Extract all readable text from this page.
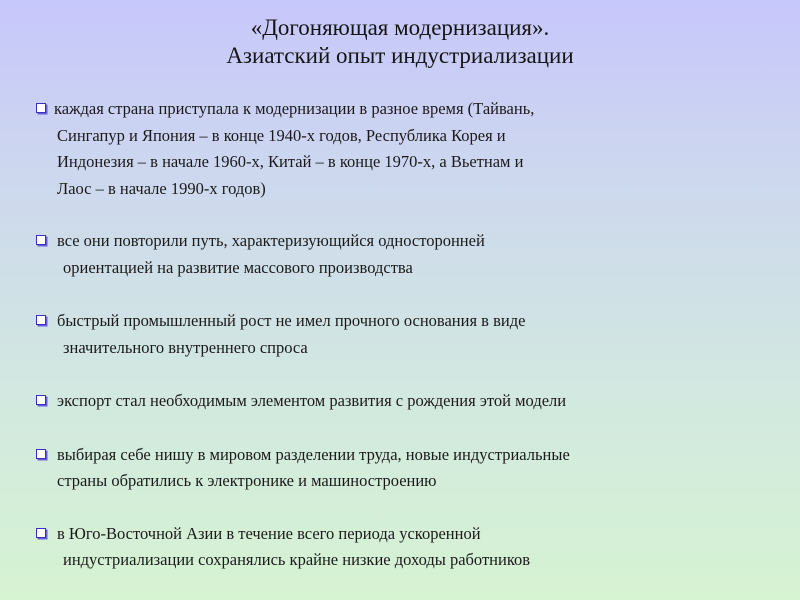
«Догоняющая модернизация».
Азиатский опыт индустриализации
каждая страна приступала к модернизации в разное время (Тайвань,
Сингапур и Япония – в конце 1940-х годов, Республика Корея и
Индонезия – в начале 1960-х, Китай – в конце 1970-х, а Вьетнам и
Лаос – в начале 1990-х годов)
все они повторили путь, характеризующийся односторонней
ориентацией на развитие массового производства
быстрый промышленный рост не имел прочного основания в виде
значительного внутреннего спроса
экспорт стал необходимым элементом развития с рождения этой модели
выбирая себе нишу в мировом разделении труда, новые индустриальные
страны обратились к электронике и машиностроению
в Юго-Восточной Азии в течение всего периода ускоренной
индустриализации сохранялись крайне низкие доходы работников
